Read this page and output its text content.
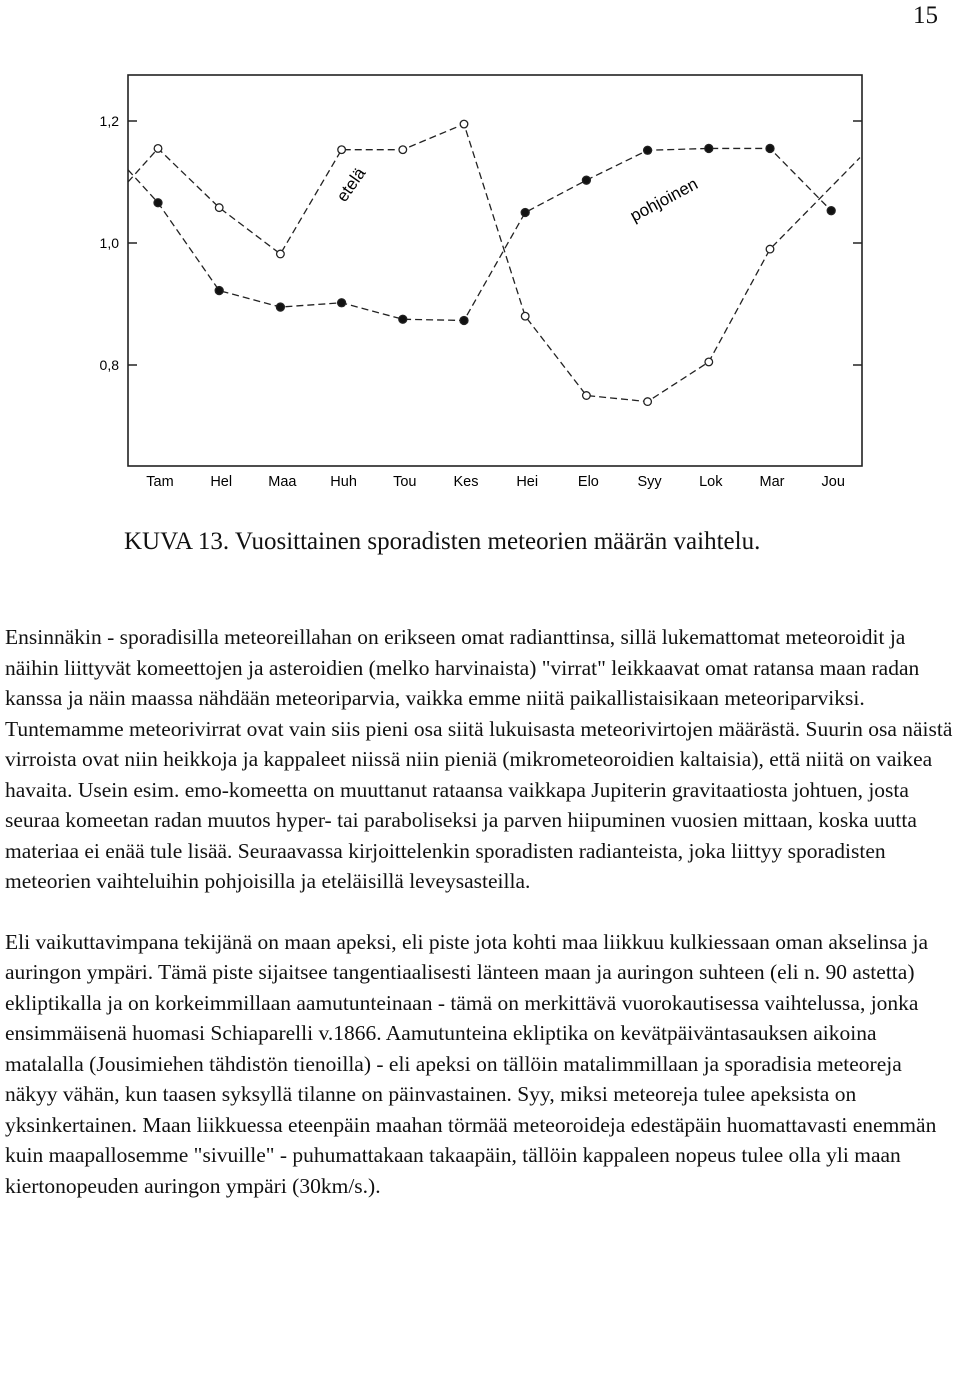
15
1,2
1,0
0,8
Tam	Hel Maa Huh Tou	Kes	Hei	Elo	Syy	Lok	Mar	Jou
etelä	pohjoinen
KUVA 13. Vuosittainen sporadisten meteorien määrän vaihtelu.

Ensinnäkin - sporadisilla meteoreillahan on erikseen omat radianttinsa, sillä lukemattomat meteoroidit ja näihin liittyvät komeettojen ja asteroidien (melko harvinaista) "virrat" leikkaavat omat ratansa maan radan kanssa ja näin maassa nähdään meteoriparvia, vaikka emme niitä paikallistaisikaan meteoriparviksi. Tuntemamme meteorivirrat ovat vain siis pieni osa siitä lukuisasta meteorivirtojen määrästä. Suurin osa näistä virroista ovat niin heikkoja ja kappaleet niissä niin pieniä (mikrometeoroidien kaltaisia), että niitä on vaikea havaita. Usein esim. emo-komeetta on muuttanut rataansa vaikkapa Jupiterin gravitaatiosta johtuen, josta seuraa komeetan radan muutos hyper- tai paraboliseksi ja parven hiipuminen vuosien mittaan, koska uutta materiaa ei enää tule lisää. Seuraavassa kirjoittelenkin sporadisten radianteista, joka liittyy sporadisten meteorien vaihteluihin pohjoisilla ja eteläisillä leveysasteilla.

Eli vaikuttavimpana tekijänä on maan apeksi, eli piste jota kohti maa liikkuu kulkiessaan oman akselinsa ja auringon ympäri. Tämä piste sijaitsee tangentiaalisesti länteen maan ja auringon suhteen (eli n. 90 astetta) ekliptikalla ja on korkeimmillaan aamutunteinaan - tämä on merkittävä vuorokautisessa vaihtelussa, jonka ensimmäisenä huomasi Schiaparelli v.1866. Aamutunteina ekliptika on kevätpäiväntasauksen aikoina matalalla (Jousimiehen tähdistön tienoilla) - eli apeksi on tällöin matalimmillaan ja sporadisia meteoreja näkyy vähän, kun taasen syksyllä tilanne on päinvastainen. Syy, miksi meteoreja tulee apeksista on yksinkertainen. Maan liikkuessa eteenpäin maahan törmää meteoroideja edestäpäin huomattavasti enemmän kuin maapallosemme "sivuille" - puhumattakaan takaapäin, tällöin kappaleen nopeus tulee olla yli maan kiertonopeuden auringon ympäri (30km/s.).
